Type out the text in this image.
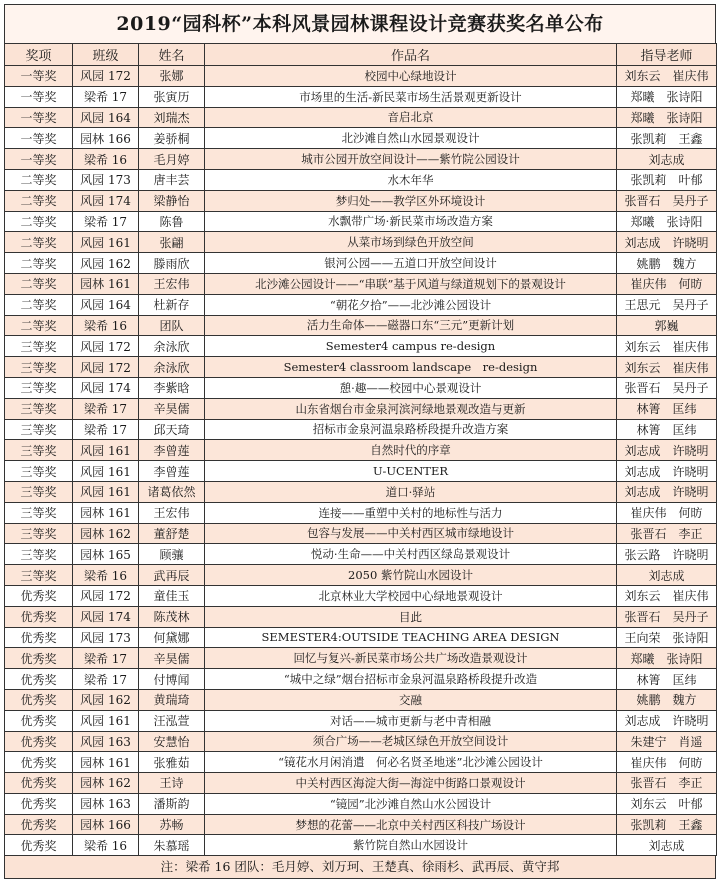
2019“园科杯”本科风景园林课程设计竞赛获奖名单公布
奖项	班级	姓名	作品名	指导老师
一等奖	风园 172	张娜	校园中心绿地设计	刘东云　崔庆伟
一等奖	梁希 17	张寅历	市场里的生活-新民菜市场生活景观更新设计	郑曦　张诗阳
一等奖	风园 164	刘瑞杰	音启北京	郑曦　张诗阳
一等奖	园林 166	姜骄桐	北沙滩自然山水园景观设计	张凯莉　王鑫
一等奖	梁希 16	毛月婷	城市公园开放空间设计——紫竹院公园设计	刘志成
二等奖	风园 173	唐丰芸	水木年华	张凯莉　叶郁
二等奖	风园 174	梁静怡	梦归处——教学区外环境设计	张晋石　吴丹子
二等奖	梁希 17	陈鲁	水飘带广场·新民菜市场改造方案	郑曦　张诗阳
二等奖	风园 161	张翩	从菜市场到绿色开放空间	刘志成　许晓明
二等奖	风园 162	滕雨欣	银河公园——五道口开放空间设计	姚鹏　魏方
二等奖	园林 161	王宏伟	北沙滩公园设计——“串联”基于风道与绿道规划下的景观设计	崔庆伟　何昉
二等奖	风园 164	杜新存	“朝花夕拾”——北沙滩公园设计	王思元　吴丹子
二等奖	梁希 16	团队	活力生命体——磁器口东“三元”更新计划	郭巍
三等奖	风园 172	余泳欣	Semester4 campus re-design	刘东云　崔庆伟
三等奖	风园 172	余泳欣	Semester4 classroom landscape　re-design	刘东云　崔庆伟
三等奖	风园 174	李紫晗	憩·趣——校园中心景观设计	张晋石　吴丹子
三等奖	梁希 17	辛昊儒	山东省烟台市金泉河滨河绿地景观改造与更新	林箐　匡纬
三等奖	梁希 17	邱天琦	招标市金泉河温泉路桥段提升改造方案	林箐　匡纬
三等奖	风园 161	李曾莲	自然时代的序章	刘志成　许晓明
三等奖	风园 161	李曾莲	U-UCENTER	刘志成　许晓明
三等奖	风园 161	诸葛依然	道口·驿站	刘志成　许晓明
三等奖	园林 161	王宏伟	连接——重塑中关村的地标性与活力	崔庆伟　何昉
三等奖	园林 162	董舒楚	包容与发展——中关村西区城市绿地设计	张晋石　李正
三等奖	园林 165	顾骧	悦动·生命——中关村西区绿岛景观设计	张云路　许晓明
三等奖	梁希 16	武再辰	2050 紫竹院山水园设计	刘志成
优秀奖	风园 172	童佳玉	北京林业大学校园中心绿地景观设计	刘东云　崔庆伟
优秀奖	风园 174	陈茂林	目此	张晋石　吴丹子
优秀奖	风园 173	何黛娜	SEMESTER4:OUTSIDE TEACHING AREA DESIGN	王向荣　张诗阳
优秀奖	梁希 17	辛昊儒	回忆与复兴-新民菜市场公共广场改造景观设计	郑曦　张诗阳
优秀奖	梁希 17	付博闻	“城中之绿”烟台招标市金泉河温泉路桥段提升改造	林箐　匡纬
优秀奖	风园 162	黄瑞琦	交融	姚鹏　魏方
优秀奖	风园 161	汪泓萱	对话——城市更新与老中青相融	刘志成　许晓明
优秀奖	风园 163	安慧怡	须合广场——老城区绿色开放空间设计	朱建宁　肖遥
优秀奖	园林 161	张雅茹	“镜花水月闲消遣　何必名贤圣地迷”北沙滩公园设计	崔庆伟　何昉
优秀奖	园林 162	王诗	中关村西区海淀大街—海淀中街路口景观设计	张晋石　李正
优秀奖	园林 163	潘斯韵	“镜园”北沙滩自然山水公园设计	刘东云　叶郁
优秀奖	园林 166	苏畅	梦想的花蕾——北京中关村西区科技广场设计	张凯莉　王鑫
优秀奖	梁希 16	朱慕瑶	紫竹院自然山水园设计	刘志成
注：梁希 16 团队：毛月婷、刘万珂、王楚真、徐雨杉、武再辰、黄守邦
